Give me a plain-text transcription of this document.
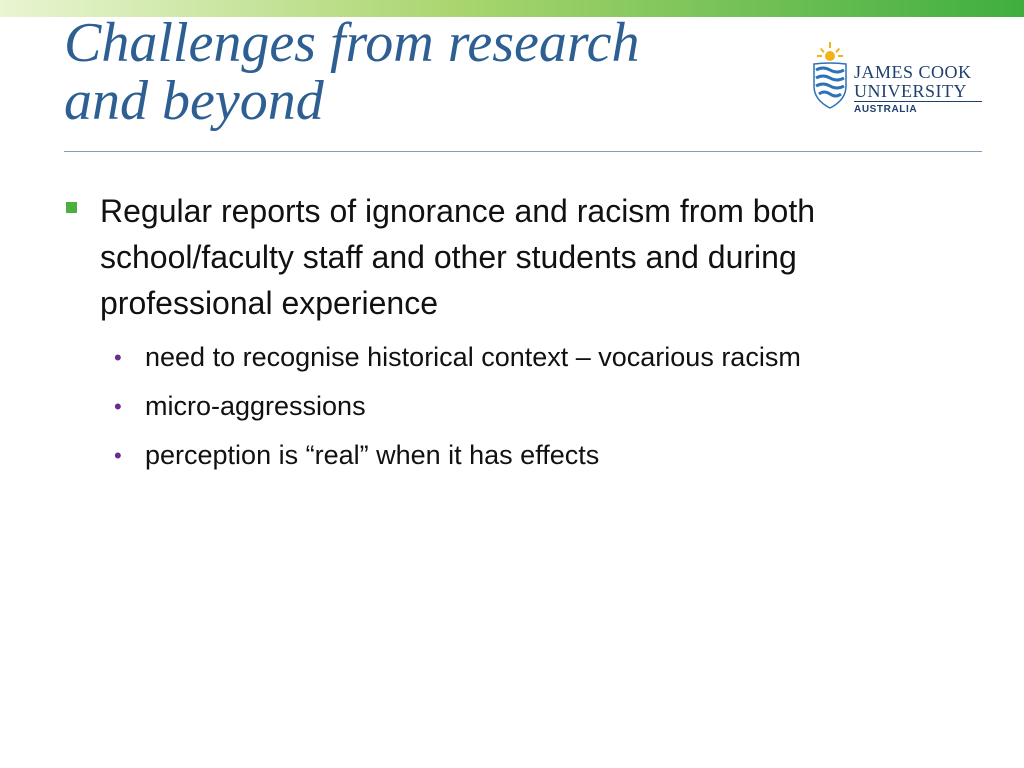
Challenges from research
and beyond	JAMES COOK
UNIVERSITY
AUSTRALIA
Regular reports of ignorance and racism from both school/faculty staff and other students and during professional experience
• need to recognise historical context – vocarious racism
• micro-aggressions
• perception is “real” when it has effects
